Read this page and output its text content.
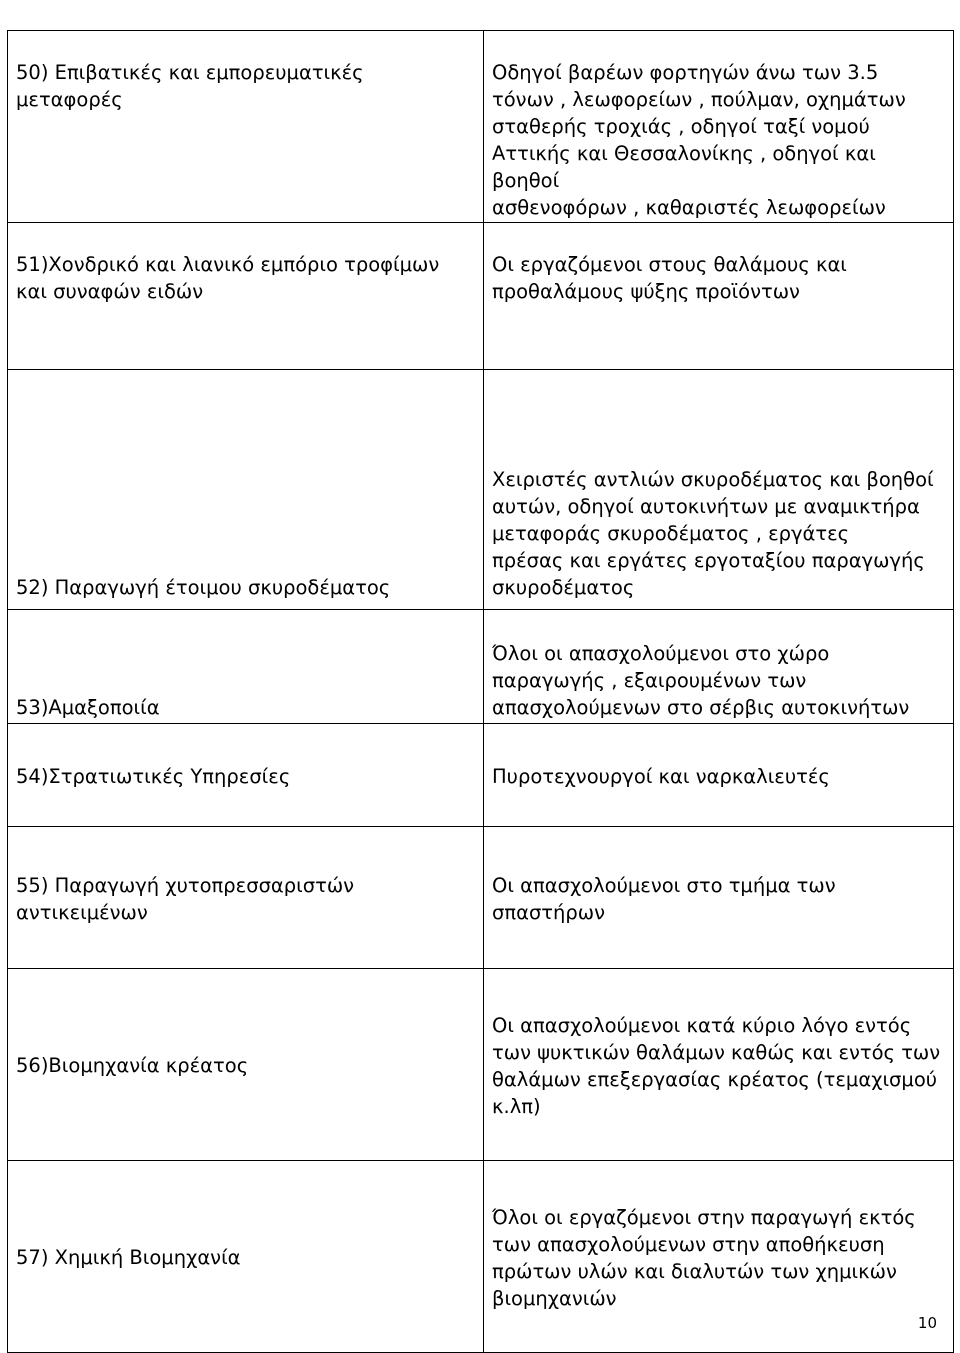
50) Επιβατικές και εμπορευματικές μεταφορές	Οδηγοί βαρέων φορτηγών άνω των 3.5
τόνων , λεωφορείων , πούλμαν, οχημάτων
σταθερής τροχιάς , οδηγοί ταξί νομού
Αττικής και Θεσσαλονίκης , οδηγοί και βοηθοί
ασθενοφόρων , καθαριστές λεωφορείων
51)Χονδρικό και λιανικό εμπόριο τροφίμων
και συναφών ειδών	Οι εργαζόμενοι στους θαλάμους και
προθαλάμους ψύξης προϊόντων
52) Παραγωγή έτοιμου σκυροδέματος	Χειριστές αντλιών σκυροδέματος και βοηθοί
αυτών, οδηγοί αυτοκινήτων με αναμικτήρα
μεταφοράς σκυροδέματος , εργάτες
πρέσας και εργάτες εργοταξίου παραγωγής
σκυροδέματος
53)Αμαξοποιία	Όλοι οι απασχολούμενοι στο χώρο
παραγωγής , εξαιρουμένων των
απασχολούμενων στο σέρβις αυτοκινήτων
54)Στρατιωτικές Υπηρεσίες	Πυροτεχνουργοί και ναρκαλιευτές
55) Παραγωγή χυτοπρεσσαριστών
αντικειμένων	Οι απασχολούμενοι στο τμήμα των
σπαστήρων
56)Βιομηχανία κρέατος	Οι απασχολούμενοι κατά κύριο λόγο εντός
των ψυκτικών θαλάμων καθώς και εντός των
θαλάμων επεξεργασίας κρέατος (τεμαχισμού
κ.λπ)
57) Χημική Βιομηχανία	Όλοι οι εργαζόμενοι στην παραγωγή εκτός
των απασχολούμενων στην αποθήκευση
πρώτων υλών και διαλυτών των χημικών
βιομηχανιών
10
